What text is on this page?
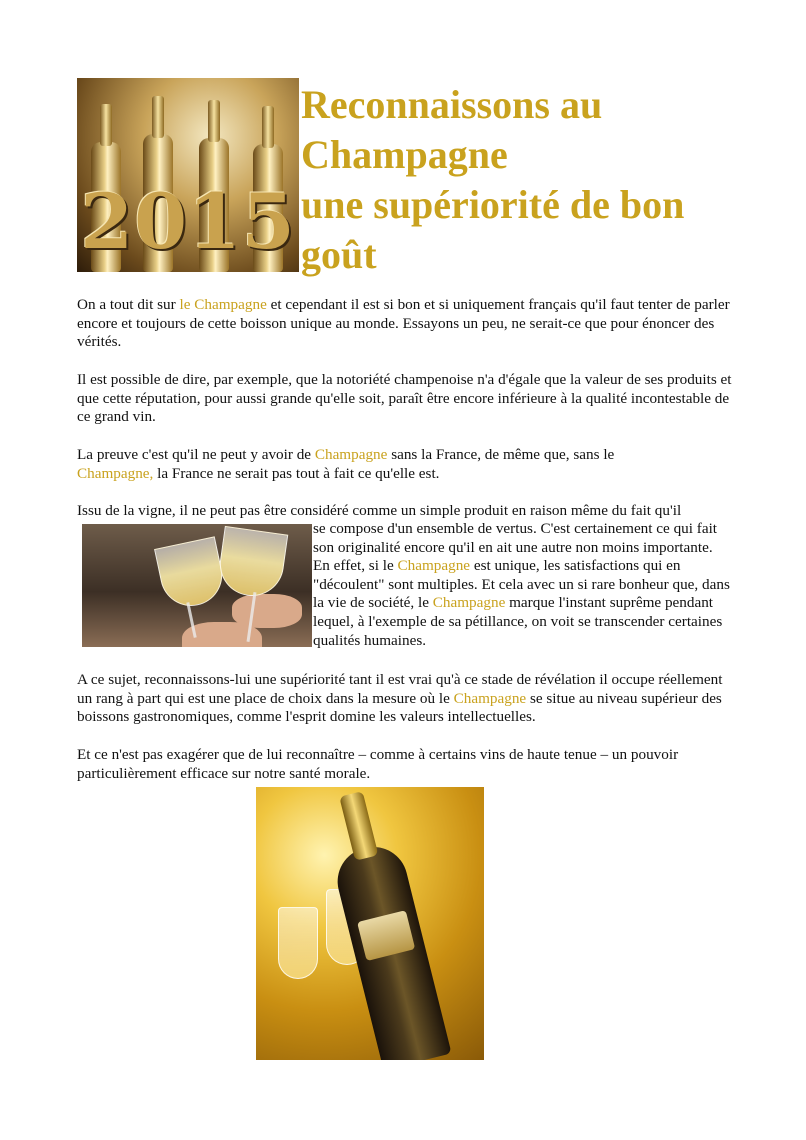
2015
Reconnaissons au
Champagne
une supériorité de bon
goût

On a tout dit sur le Champagne et cependant il est si bon et si uniquement français qu'il faut tenter de parler encore et toujours de cette boisson unique au monde. Essayons un peu, ne serait-ce que pour énoncer des vérités.

Il est possible de dire, par exemple, que la notoriété champenoise n'a d'égale que la valeur de ses produits et que cette réputation, pour aussi grande qu'elle soit, paraît être encore inférieure à la qualité incontestable de ce grand vin.

La preuve c'est qu'il ne peut y avoir de Champagne sans la France, de même que, sans le
Champagne, la France ne serait pas tout à fait ce qu'elle est.

Issu de la vigne, il ne peut pas être considéré comme un simple produit en raison même du fait qu'il

se compose d'un ensemble de vertus. C'est certainement ce qui fait son originalité encore qu'il en ait une autre non moins importante. En effet, si le Champagne est unique, les satisfactions qui en "découlent" sont multiples. Et cela avec un si rare bonheur que, dans la vie de société, le Champagne marque l'instant suprême pendant lequel, à l'exemple de sa pétillance, on voit se transcender certaines qualités humaines.

A ce sujet, reconnaissons-lui une supériorité tant il est vrai qu'à ce stade de révélation il occupe réellement un rang à part qui est une place de choix dans la mesure où le Champagne se situe au niveau supérieur des boissons gastronomiques, comme l'esprit domine les valeurs intellectuelles.

Et ce n'est pas exagérer que de lui reconnaître – comme à certains vins de haute tenue – un pouvoir particulièrement efficace sur notre santé morale.
